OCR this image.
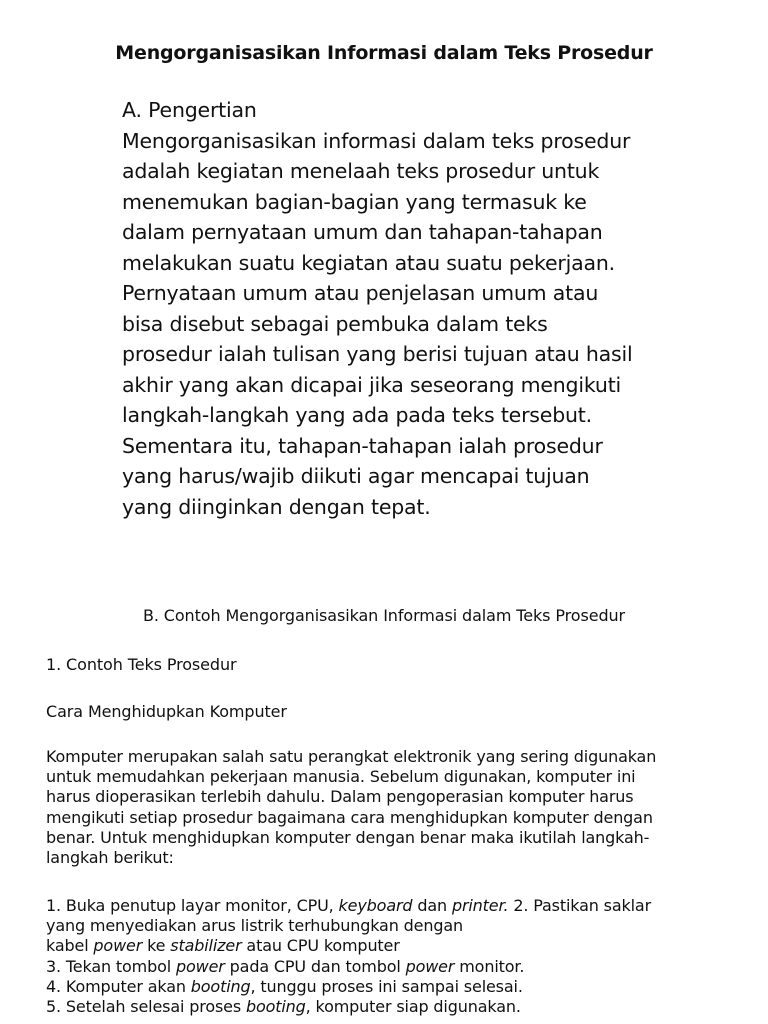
Mengorganisasikan Informasi dalam Teks Prosedur
A. Pengertian
Mengorganisasikan informasi dalam teks prosedur
adalah kegiatan menelaah teks prosedur untuk
menemukan bagian-bagian yang termasuk ke
dalam pernyataan umum dan tahapan-tahapan
melakukan suatu kegiatan atau suatu pekerjaan.
Pernyataan umum atau penjelasan umum atau
bisa disebut sebagai pembuka dalam teks
prosedur ialah tulisan yang berisi tujuan atau hasil
akhir yang akan dicapai jika seseorang mengikuti
langkah-langkah yang ada pada teks tersebut.
Sementara itu, tahapan-tahapan ialah prosedur
yang harus/wajib diikuti agar mencapai tujuan
yang diinginkan dengan tepat.
B. Contoh Mengorganisasikan Informasi dalam Teks Prosedur
1. Contoh Teks Prosedur
Cara Menghidupkan Komputer
Komputer merupakan salah satu perangkat elektronik yang sering digunakan
untuk memudahkan pekerjaan manusia. Sebelum digunakan, komputer ini
harus dioperasikan terlebih dahulu. Dalam pengoperasian komputer harus
mengikuti setiap prosedur bagaimana cara menghidupkan komputer dengan
benar. Untuk menghidupkan komputer dengan benar maka ikutilah langkah-
langkah berikut:
1. Buka penutup layar monitor, CPU, keyboard dan printer. 2. Pastikan saklar
yang menyediakan arus listrik terhubungkan dengan
kabel power ke stabilizer atau CPU komputer
3. Tekan tombol power pada CPU dan tombol power monitor.
4. Komputer akan booting, tunggu proses ini sampai selesai.
5. Setelah selesai proses booting, komputer siap digunakan.
